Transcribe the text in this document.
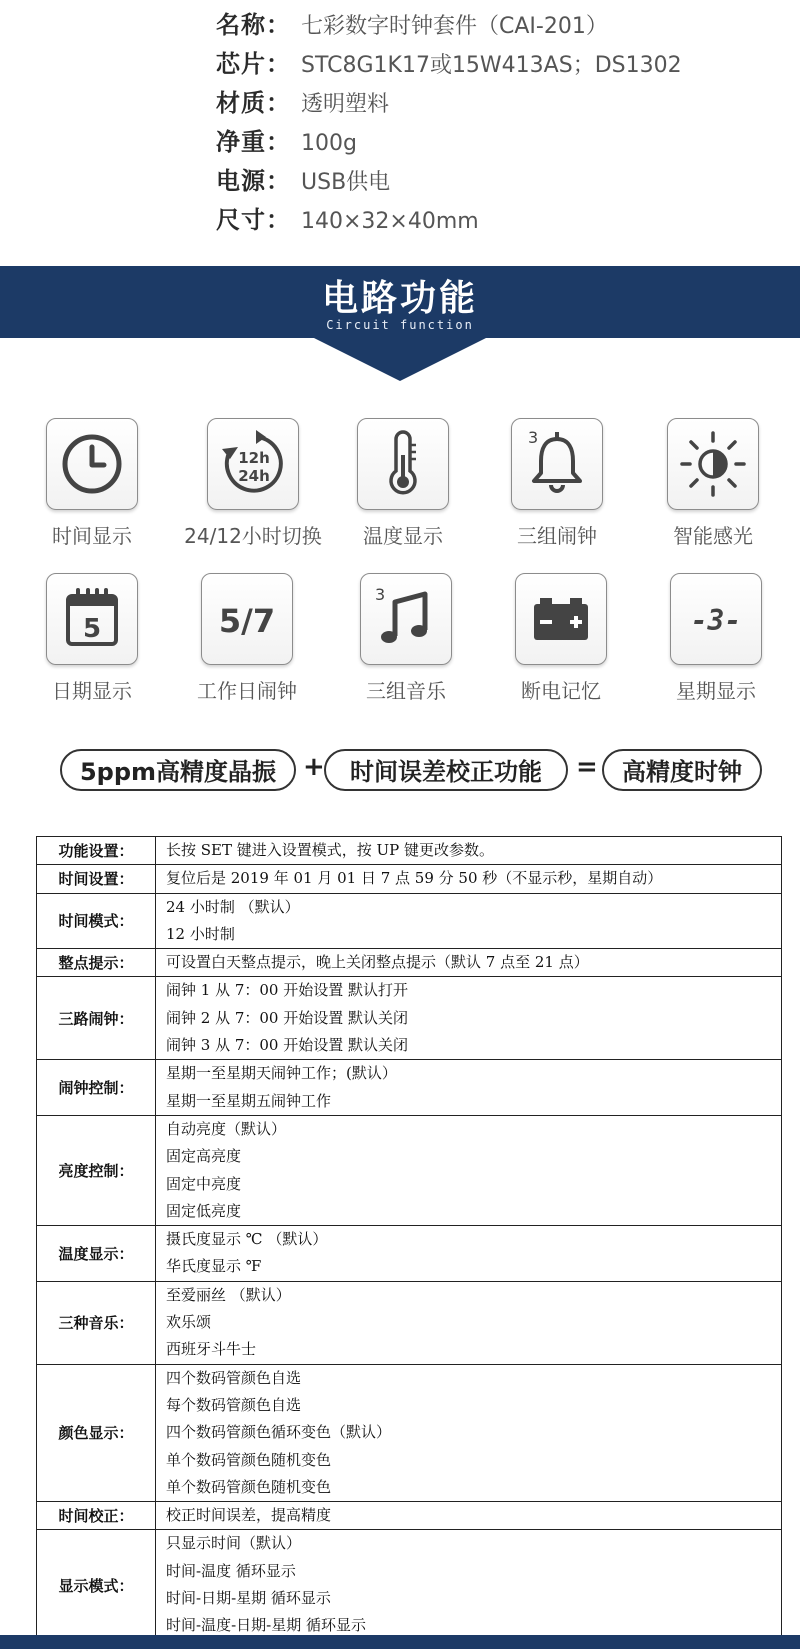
名称： 七彩数字时钟套件（CAI-201）
芯片： STC8G1K17或15W413AS；DS1302
材质： 透明塑料
净重： 100g
电源： USB供电
尺寸： 140×32×40mm
电路功能
Circuit function
时间显示
12h
24h
24/12小时切换	温度显示
3
三组闹钟	智能感光
5
日期显示
5/7
工作日闹钟
3
三组音乐	断电记忆
-3-
星期显示
5ppm高精度晶振	+	时间误差校正功能	=	高精度时钟
功能设置：	长按 SET 键进入设置模式，按 UP 键更改参数。

时间设置：	复位后是 2019 年 01 月 01 日 7 点 59 分 50 秒（不显示秒，星期自动）

时间模式：	24 小时制 （默认）
12 小时制

整点提示：	可设置白天整点提示，晚上关闭整点提示（默认 7 点至 21 点）

三路闹钟：	闹钟 1 从 7：00 开始设置 默认打开
闹钟 2 从 7：00 开始设置 默认关闭
闹钟 3 从 7：00 开始设置 默认关闭

闹钟控制：	星期一至星期天闹钟工作；(默认）
星期一至星期五闹钟工作

亮度控制：	自动亮度（默认）
固定高亮度
固定中亮度
固定低亮度

温度显示：	摄氏度显示 ℃ （默认）
华氏度显示 ℉

三种音乐：	至爱丽丝 （默认）
欢乐颂
西班牙斗牛士

颜色显示：	四个数码管颜色自选
每个数码管颜色自选
四个数码管颜色循环变色（默认）
单个数码管颜色随机变色
单个数码管颜色随机变色

时间校正：	校正时间误差，提高精度

显示模式：	只显示时间（默认）
时间-温度 循环显示
时间-日期-星期 循环显示
时间-温度-日期-星期 循环显示
